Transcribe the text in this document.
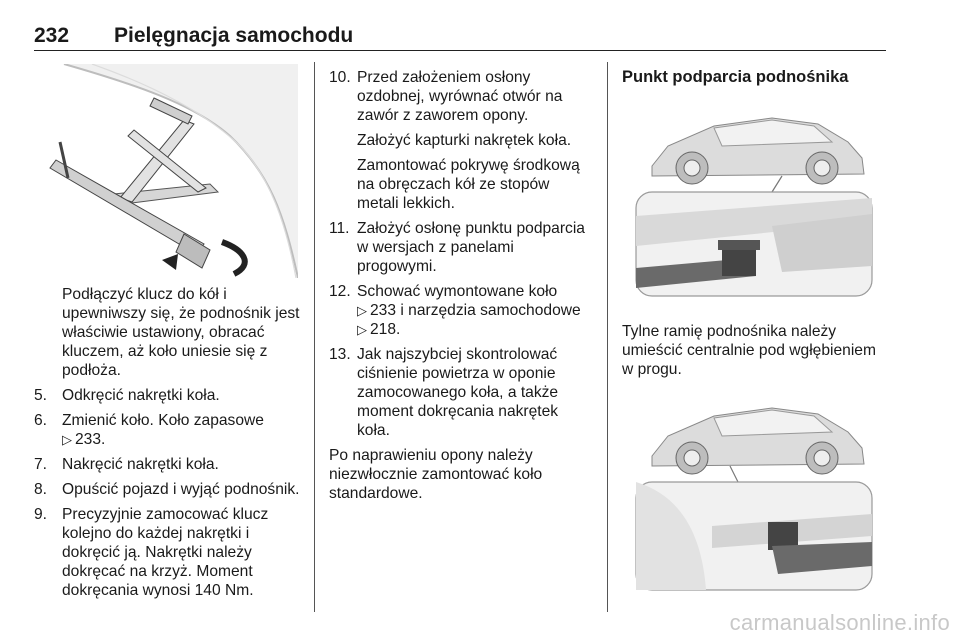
232 Pielęgnacja samochodu

Podłączyć klucz do kół i upewniwszy się, że podnośnik jest właściwie ustawiony, obracać kluczem, aż koło uniesie się z podłoża.

5. Odkręcić nakrętki koła.

6. Zmienić koło. Koło zapasowe
▷ 233.

7. Nakręcić nakrętki koła.

8. Opuścić pojazd i wyjąć podnośnik.

9. Precyzyjnie zamocować klucz kolejno do każdej nakrętki i dokręcić ją. Nakrętki należy dokręcać na krzyż. Moment dokręcania wynosi 140 Nm.

10. Przed założeniem osłony ozdobnej, wyrównać otwór na zawór z zaworem opony.

Założyć kapturki nakrętek koła.

Zamontować pokrywę środkową na obręczach kół ze stopów metali lekkich.

11. Założyć osłonę punktu podparcia w wersjach z panelami progowymi.

12. Schować wymontowane koło
▷ 233 i narzędzia samochodowe
▷ 218.

13. Jak najszybciej skontrolować ciśnienie powietrza w oponie zamocowanego koła, a także moment dokręcania nakrętek koła.

Po naprawieniu opony należy niezwłocznie zamontować koło standardowe.

Punkt podparcia podnośnika

Tylne ramię podnośnika należy umieścić centralnie pod wgłębieniem w progu.

carmanualsonline.info
